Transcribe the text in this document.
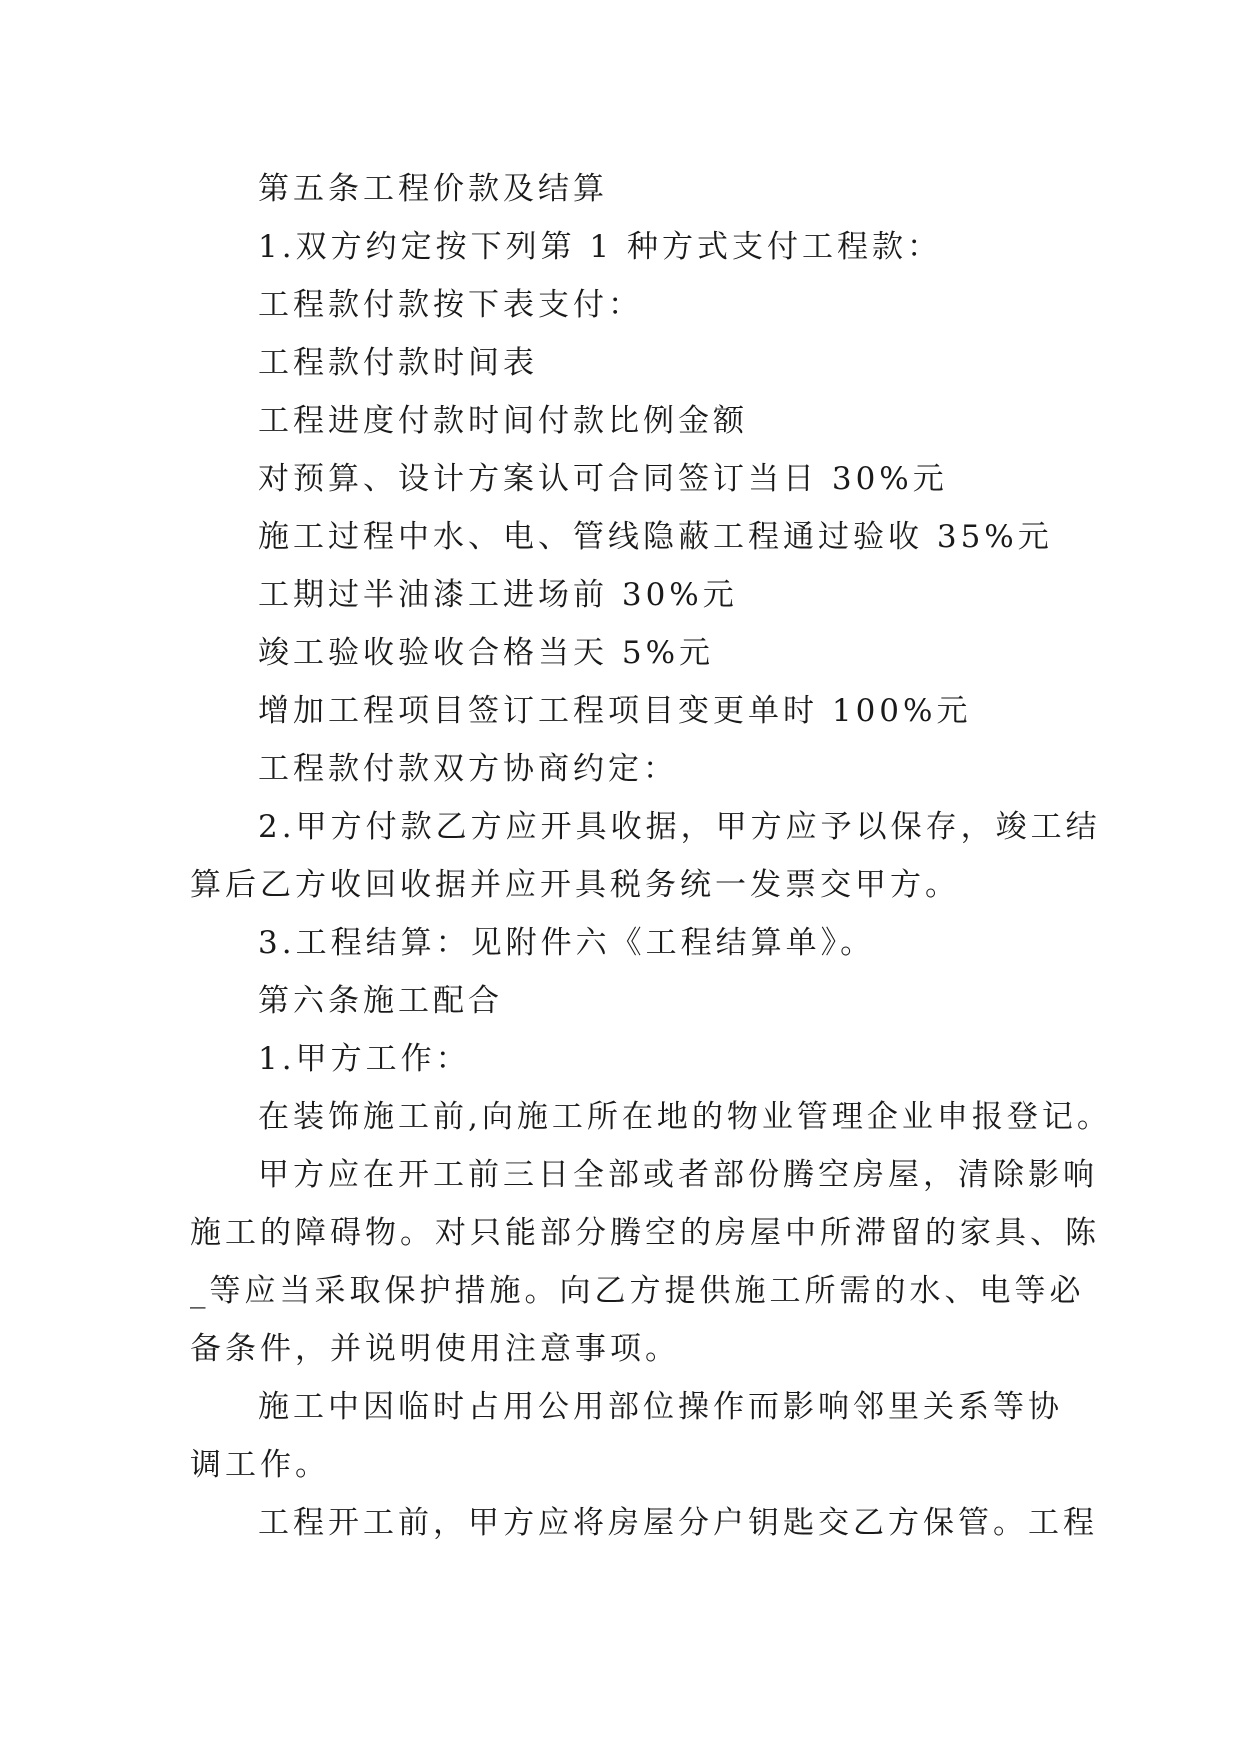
第五条工程价款及结算

1.双方约定按下列第 1 种方式支付工程款：

工程款付款按下表支付：

工程款付款时间表

工程进度付款时间付款比例金额

对预算、设计方案认可合同签订当日 30%元

施工过程中水、电、管线隐蔽工程通过验收 35%元

工期过半油漆工进场前 30%元

竣工验收验收合格当天 5%元

增加工程项目签订工程项目变更单时 100%元

工程款付款双方协商约定：

2.甲方付款乙方应开具收据，甲方应予以保存，竣工结

算后乙方收回收据并应开具税务统一发票交甲方。

3.工程结算：见附件六《工程结算单》。

第六条施工配合

1.甲方工作：

在装饰施工前,向施工所在地的物业管理企业申报登记。

甲方应在开工前三日全部或者部份腾空房屋，清除影响

施工的障碍物。对只能部分腾空的房屋中所滞留的家具、陈

_等应当采取保护措施。向乙方提供施工所需的水、电等必

备条件，并说明使用注意事项。

施工中因临时占用公用部位操作而影响邻里关系等协

调工作。

工程开工前，甲方应将房屋分户钥匙交乙方保管。工程
